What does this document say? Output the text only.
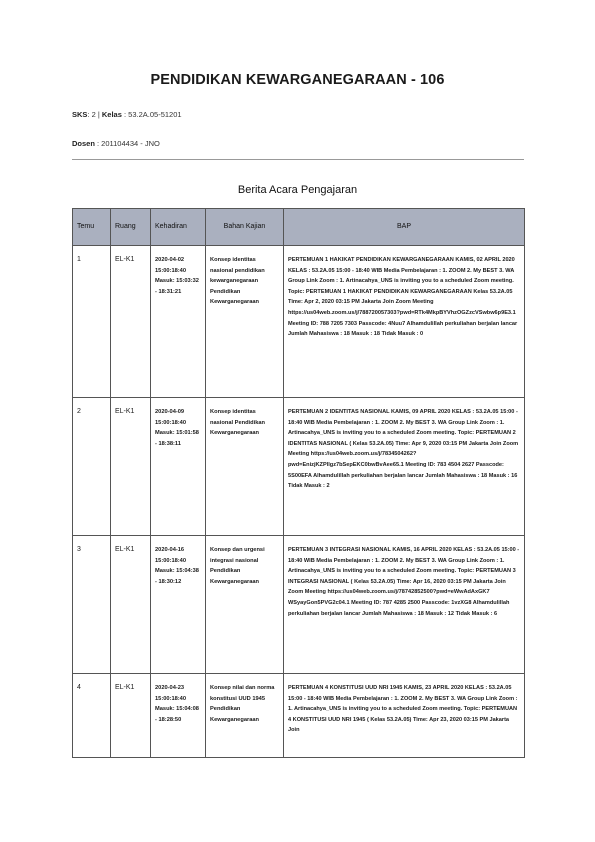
PENDIDIKAN KEWARGANEGARAAN - 106
SKS: 2 | Kelas : 53.2A.05-51201
Dosen : 201104434 - JNO
Berita Acara Pengajaran
Temu	Ruang	Kehadiran	Bahan Kajian	BAP
1	EL-K1	2020-04-02 15:00:18:40 Masuk: 15:03:32 - 18:31:21	Konsep identitas nasional pendidikan kewarganegaraan Pendidikan Kewarganegaraan	PERTEMUAN 1 HAKIKAT PENDIDIKAN KEWARGANEGARAAN KAMIS, 02 APRIL 2020 KELAS : 53.2A.05 15:00 - 18:40 WIB Media Pembelajaran : 1. ZOOM 2. My BEST 3. WA Group Link Zoom : 1. Artinacahya_UNS is inviting you to a scheduled Zoom meeting. Topic: PERTEMUAN 1 HAKIKAT PENDIDIKAN KEWARGANEGARAAN Kelas 53.2A.05 Time: Apr 2, 2020 03:15 PM Jakarta Join Zoom Meeting https://us04web.zoom.us/j/788720057303?pwd=RTk4MkpBYVhzOGZzcVSwbw6p9E3.1 Meeting ID: 788 7205 7303 Passcode: 4Nuu7 Alhamdulillah perkuliahan berjalan lancar Jumlah Mahasiswa : 18 Masuk : 18 Tidak Masuk : 0
2	EL-K1	2020-04-09 15:00:18:40 Masuk: 15:01:58 - 18:38:11	Konsep identitas nasional Pendidikan Kewarganegaraan	PERTEMUAN 2 IDENTITAS NASIONAL KAMIS, 09 APRIL 2020 KELAS : 53.2A.05 15:00 - 18:40 WIB Media Pembelajaran : 1. ZOOM 2. My BEST 3. WA Group Link Zoom : 1. Artinacahya_UNS is inviting you to a scheduled Zoom meeting. Topic: PERTEMUAN 2 IDENTITAS NASIONAL ( Kelas 53.2A.05) Time: Apr 9, 2020 03:15 PM Jakarta Join Zoom Meeting https://us04web.zoom.us/j/7834504262?pwd=EnizjKZPllgz7bSepEKC0bwBvAee65.1 Meeting ID: 783 4504 2627 Passcode: 5S00EFA Alhamdulillah perkuliahan berjalan lancar Jumlah Mahasiswa : 18 Masuk : 16 Tidak Masuk : 2
3	EL-K1	2020-04-16 15:00:18:40 Masuk: 15:04:38 - 18:30:12	Konsep dan urgensi integrasi nasional Pendidikan Kewarganegaraan	PERTEMUAN 3 INTEGRASI NASIONAL KAMIS, 16 APRIL 2020 KELAS : 53.2A.05 15:00 - 18:40 WIB Media Pembelajaran : 1. ZOOM 2. My BEST 3. WA Group Link Zoom : 1. Artinacahya_UNS is inviting you to a scheduled Zoom meeting. Topic: PERTEMUAN 3 INTEGRASI NASIONAL ( Kelas 53.2A.05) Time: Apr 16, 2020 03:15 PM Jakarta Join Zoom Meeting https://us04web.zoom.us/j/78742852500?pwd=eWwAdAxGK7 WSyayGon5PVG2c04.1 Meeting ID: 787 4285 2500 Passcode: 1vzXG8 Alhamdulillah perkuliahan berjalan lancar Jumlah Mahasiswa : 18 Masuk : 12 Tidak Masuk : 6
4	EL-K1	2020-04-23 15:00:18:40 Masuk: 15:04:08 - 18:28:50	Konsep nilai dan norma konstitusi UUD 1945 Pendidikan Kewarganegaraan	PERTEMUAN 4 KONSTITUSI UUD NRI 1945 KAMIS, 23 APRIL 2020 KELAS : 53.2A.05 15:00 - 18:40 WIB Media Pembelajaran : 1. ZOOM 2. My BEST 3. WA Group Link Zoom : 1. Artinacahya_UNS is inviting you to a scheduled Zoom meeting. Topic: PERTEMUAN 4 KONSTITUSI UUD NRI 1945 ( Kelas 53.2A.05) Time: Apr 23, 2020 03:15 PM Jakarta Join
